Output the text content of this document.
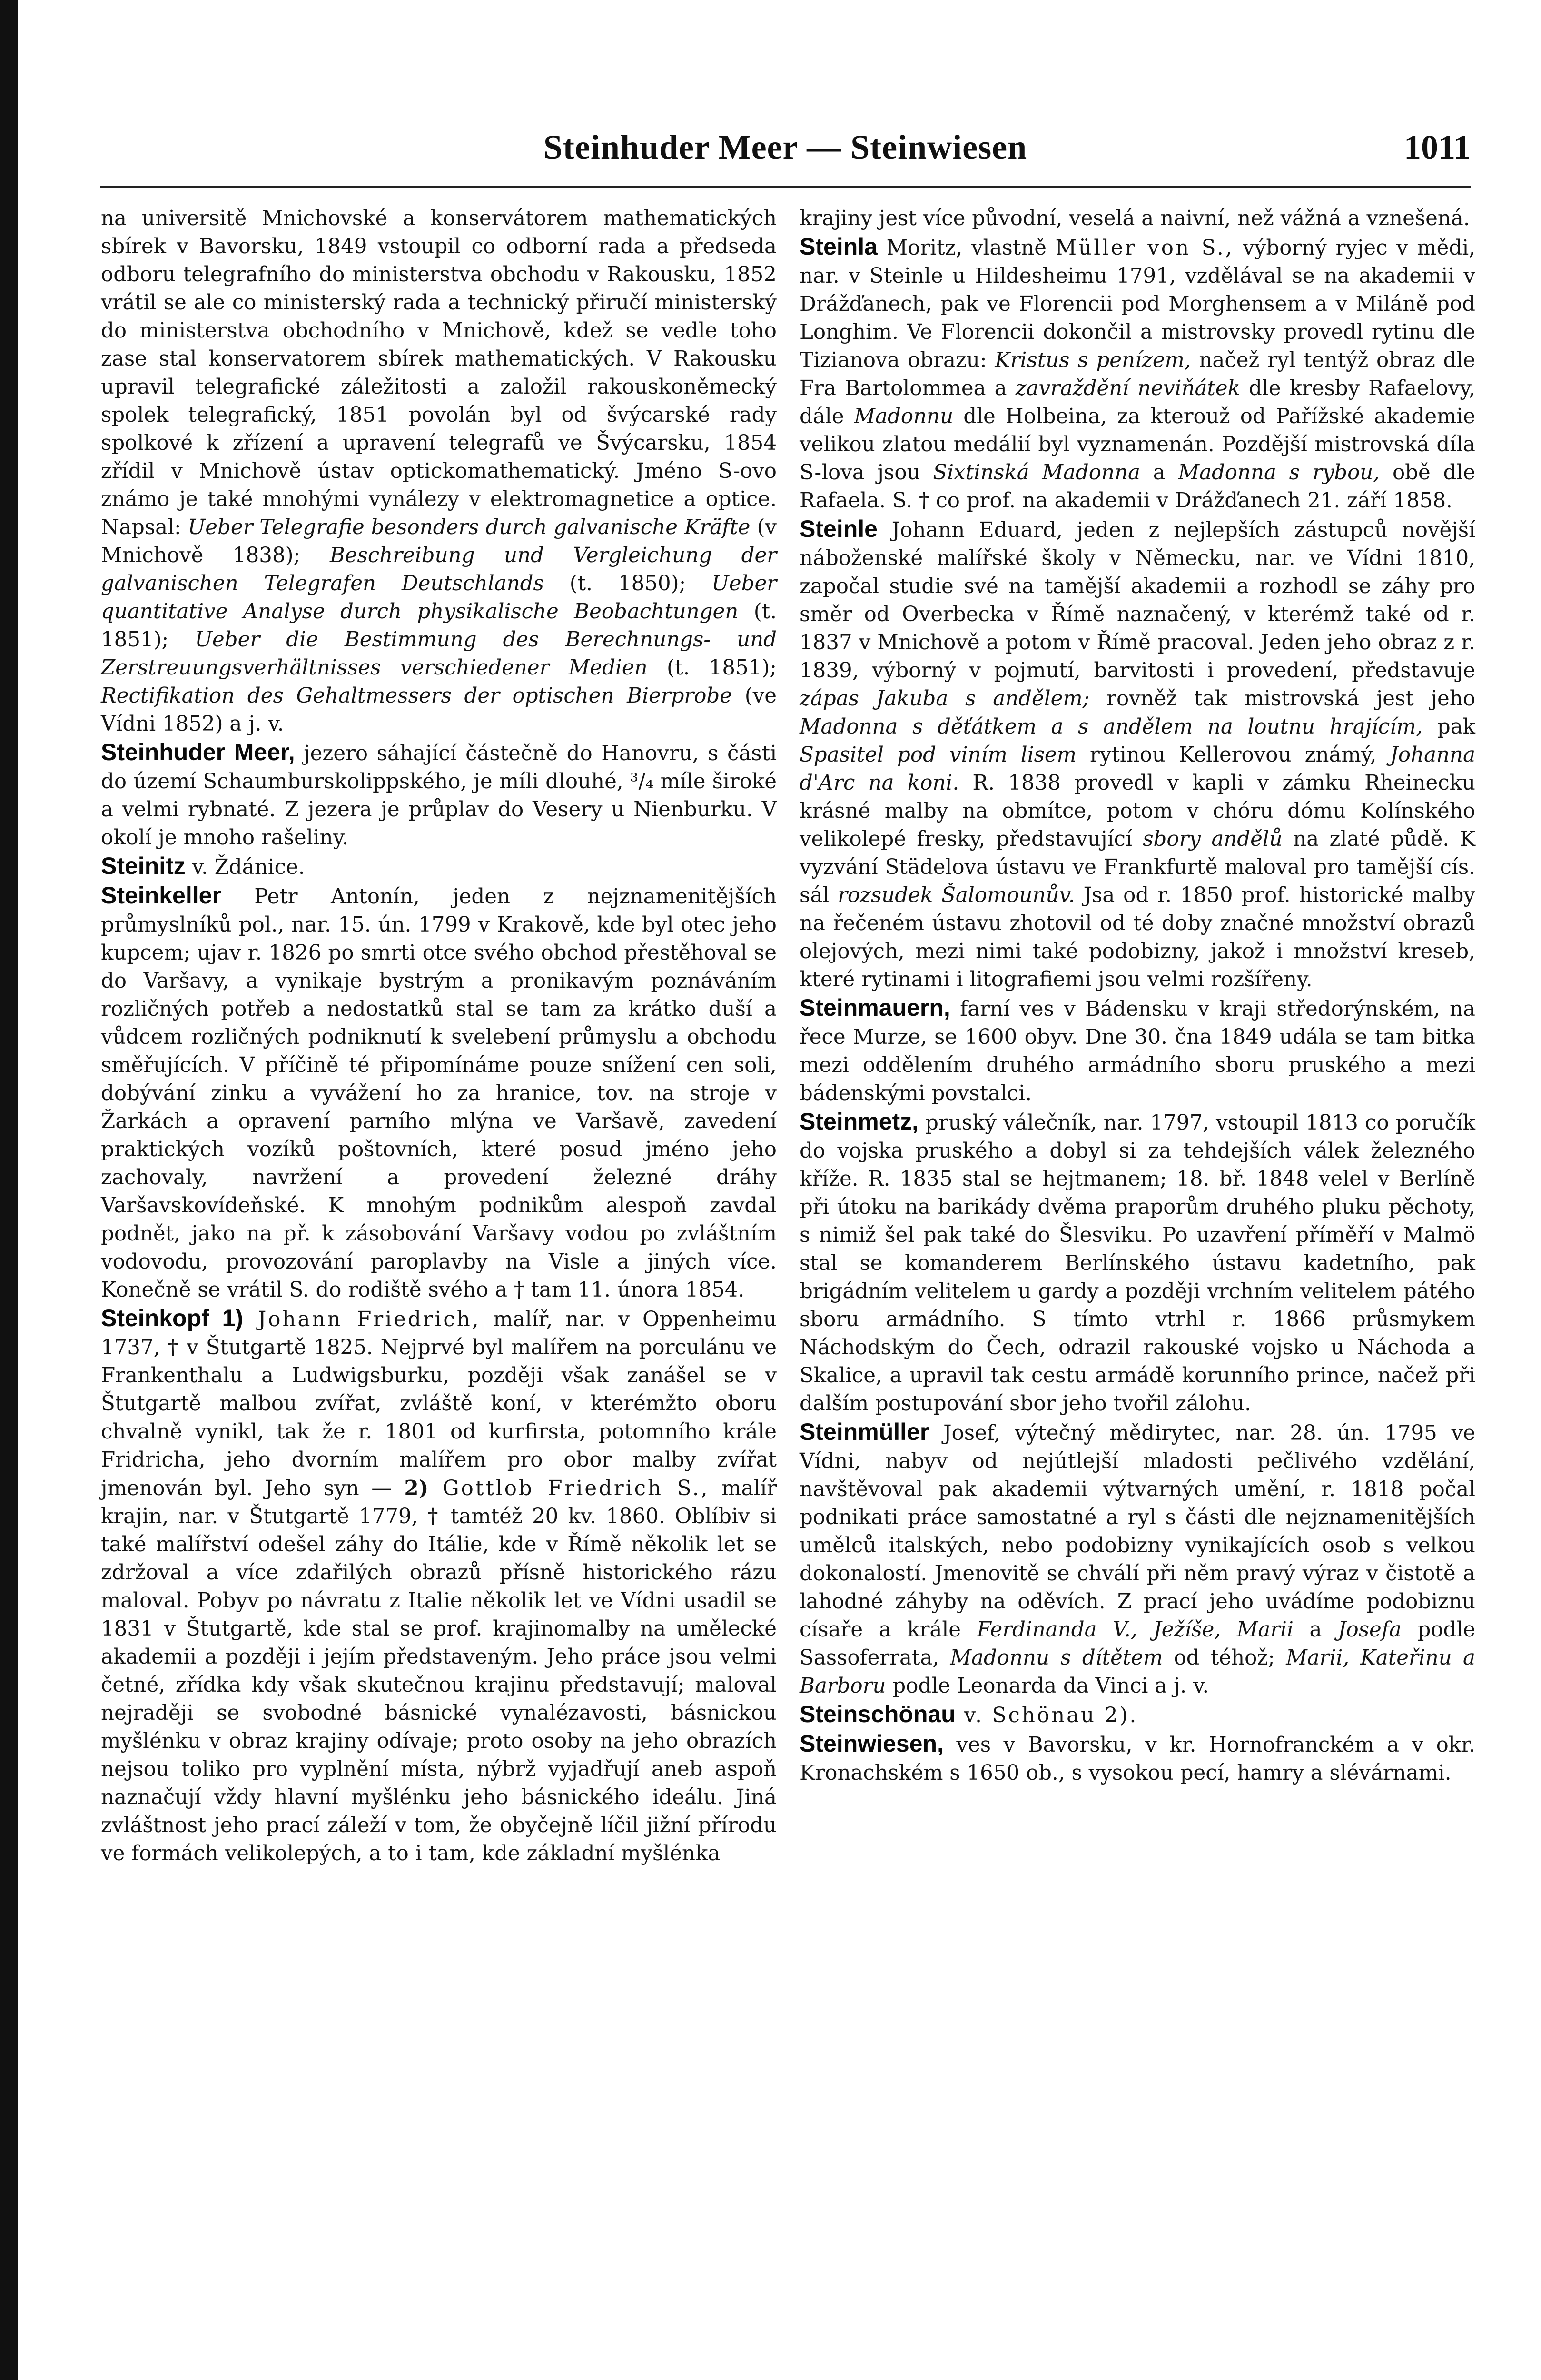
Steinhuder Meer — Steinwiesen	1011

na universitě Mnichovské a konservátorem mathematických sbírek v Bavorsku, 1849 vstoupil co odborní rada a předseda odboru telegrafního do ministerstva obchodu v Rakousku, 1852 vrátil se ale co ministerský rada a technický přiručí ministerský do ministerstva obchodního v Mnichově, kdež se vedle toho zase stal konservatorem sbírek mathematických. V Rakousku upravil telegrafické záležitosti a založil rakouskoněmecký spolek telegrafický, 1851 povolán byl od švýcarské rady spolkové k zřízení a upravení telegrafů ve Švýcarsku, 1854 zřídil v Mnichově ústav optickomathematický. Jméno S-ovo známo je také mnohými vynálezy v elektromagnetice a optice. Napsal: Ueber Telegrafie besonders durch galvanische Kräfte (v Mnichově 1838); Beschreibung und Vergleichung der galvanischen Telegrafen Deutschlands (t. 1850); Ueber quantitative Analyse durch physikalische Beobachtungen (t. 1851); Ueber die Bestimmung des Berechnungs- und Zerstreuungsverhältnisses verschiedener Medien (t. 1851); Rectifikation des Gehaltmessers der optischen Bierprobe (ve Vídni 1852) a j. v.

Steinhuder Meer, jezero sáhající částečně do Hanovru, s části do území Schaumburskolippského, je míli dlouhé, ³/₄ míle široké a velmi rybnaté. Z jezera je průplav do Vesery u Nienburku. V okolí je mnoho rašeliny.

Steinitz v. Ždánice.

Steinkeller Petr Antonín, jeden z nejznamenitějších průmyslníků pol., nar. 15. ún. 1799 v Krakově, kde byl otec jeho kupcem; ujav r. 1826 po smrti otce svého obchod přestěhoval se do Varšavy, a vynikaje bystrým a pronikavým poznáváním rozličných potřeb a nedostatků stal se tam za krátko duší a vůdcem rozličných podniknutí k svelebení průmyslu a obchodu směřujících. V příčině té připomínáme pouze snížení cen soli, dobývání zinku a vyvážení ho za hranice, tov. na stroje v Žarkách a opravení parního mlýna ve Varšavě, zavedení praktických vozíků poštovních, které posud jméno jeho zachovaly, navržení a provedení železné dráhy Varšavskovídeňské. K mnohým podnikům alespoň zavdal podnět, jako na př. k zásobování Varšavy vodou po zvláštním vodovodu, provozování paroplavby na Visle a jiných více. Konečně se vrátil S. do rodiště svého a † tam 11. února 1854.

Steinkopf 1) Johann Friedrich, malíř, nar. v Oppenheimu 1737, † v Štutgartě 1825. Nejprvé byl malířem na porculánu ve Frankenthalu a Ludwigsburku, později však zanášel se v Štutgartě malbou zvířat, zvláště koní, v kterémžto oboru chvalně vynikl, tak že r. 1801 od kurfirsta, potomního krále Fridricha, jeho dvorním malířem pro obor malby zvířat jmenován byl. Jeho syn — 2) Gottlob Friedrich S., malíř krajin, nar. v Štutgartě 1779, † tamtéž 20 kv. 1860. Oblíbiv si také malířství odešel záhy do Itálie, kde v Římě několik let se zdržoval a více zdařilých obrazů přísně historického rázu maloval. Pobyv po návratu z Italie několik let ve Vídni usadil se 1831 v Štutgartě, kde stal se prof. krajinomalby na umělecké akademii a později i jejím představeným. Jeho práce jsou velmi četné, zřídka kdy však skutečnou krajinu představují; maloval nejraději se svobodné básnické vynalézavosti, básnickou myšlénku v obraz krajiny odívaje; proto osoby na jeho obrazích nejsou toliko pro vyplnění místa, nýbrž vyjadřují aneb aspoň naznačují vždy hlavní myšlénku jeho básnického ideálu. Jiná zvláštnost jeho prací záleží v tom, že obyčejně líčil jižní přírodu ve formách velikolepých, a to i tam, kde základní myšlénka

krajiny jest více původní, veselá a naivní, než vážná a vznešená.

Steinla Moritz, vlastně Müller von S., výborný ryjec v mědi, nar. v Steinle u Hildesheimu 1791, vzdělával se na akademii v Drážďanech, pak ve Florencii pod Morghensem a v Miláně pod Longhim. Ve Florencii dokončil a mistrovsky provedl rytinu dle Tizianova obrazu: Kristus s penízem, načež ryl tentýž obraz dle Fra Bartolommea a zavraždění neviňátek dle kresby Rafaelovy, dále Madonnu dle Holbeina, za kterouž od Pařížské akademie velikou zlatou medálií byl vyznamenán. Pozdější mistrovská díla S-lova jsou Sixtinská Madonna a Madonna s rybou, obě dle Rafaela. S. † co prof. na akademii v Drážďanech 21. září 1858.

Steinle Johann Eduard, jeden z nejlepších zástupců novější náboženské malířské školy v Německu, nar. ve Vídni 1810, započal studie své na tamější akademii a rozhodl se záhy pro směr od Overbecka v Římě naznačený, v kterémž také od r. 1837 v Mnichově a potom v Římě pracoval. Jeden jeho obraz z r. 1839, výborný v pojmutí, barvitosti i provedení, představuje zápas Jakuba s andělem; rovněž tak mistrovská jest jeho Madonna s děťátkem a s andělem na loutnu hrajícím, pak Spasitel pod viním lisem rytinou Kellerovou známý, Johanna d'Arc na koni. R. 1838 provedl v kapli v zámku Rheinecku krásné malby na obmítce, potom v chóru dómu Kolínského velikolepé fresky, představující sbory andělů na zlaté půdě. K vyzvání Städelova ústavu ve Frankfurtě maloval pro tamější cís. sál rozsudek Šalomounův. Jsa od r. 1850 prof. historické malby na řečeném ústavu zhotovil od té doby značné množství obrazů olejových, mezi nimi také podobizny, jakož i množství kreseb, které rytinami i litografiemi jsou velmi rozšířeny.

Steinmauern, farní ves v Bádensku v kraji středorýnském, na řece Murze, se 1600 obyv. Dne 30. čna 1849 udála se tam bitka mezi oddělením druhého armádního sboru pruského a mezi bádenskými povstalci.

Steinmetz, pruský válečník, nar. 1797, vstoupil 1813 co poručík do vojska pruského a dobyl si za tehdejších válek železného kříže. R. 1835 stal se hejtmanem; 18. bř. 1848 velel v Berlíně při útoku na barikády dvěma praporům druhého pluku pěchoty, s nimiž šel pak také do Šlesviku. Po uzavření příměří v Malmö stal se komanderem Berlínského ústavu kadetního, pak brigádním velitelem u gardy a později vrchním velitelem pátého sboru armádního. S tímto vtrhl r. 1866 průsmykem Náchodským do Čech, odrazil rakouské vojsko u Náchoda a Skalice, a upravil tak cestu armádě korunního prince, načež při dalším postupování sbor jeho tvořil zálohu.

Steinmüller Josef, výtečný mědirytec, nar. 28. ún. 1795 ve Vídni, nabyv od nejútlejší mladosti pečlivého vzdělání, navštěvoval pak akademii výtvarných umění, r. 1818 počal podnikati práce samostatné a ryl s části dle nejznamenitějších umělců italských, nebo podobizny vynikajících osob s velkou dokonalostí. Jmenovitě se chválí při něm pravý výraz v čistotě a lahodné záhyby na oděvích. Z prací jeho uvádíme podobiznu císaře a krále Ferdinanda V., Ježíše, Marii a Josefa podle Sassoferrata, Madonnu s dítětem od téhož; Marii, Kateřinu a Barboru podle Leonarda da Vinci a j. v.

Steinschönau v. Schönau 2).

Steinwiesen, ves v Bavorsku, v kr. Hornofranckém a v okr. Kronachském s 1650 ob., s vysokou pecí, hamry a slévárnami.
